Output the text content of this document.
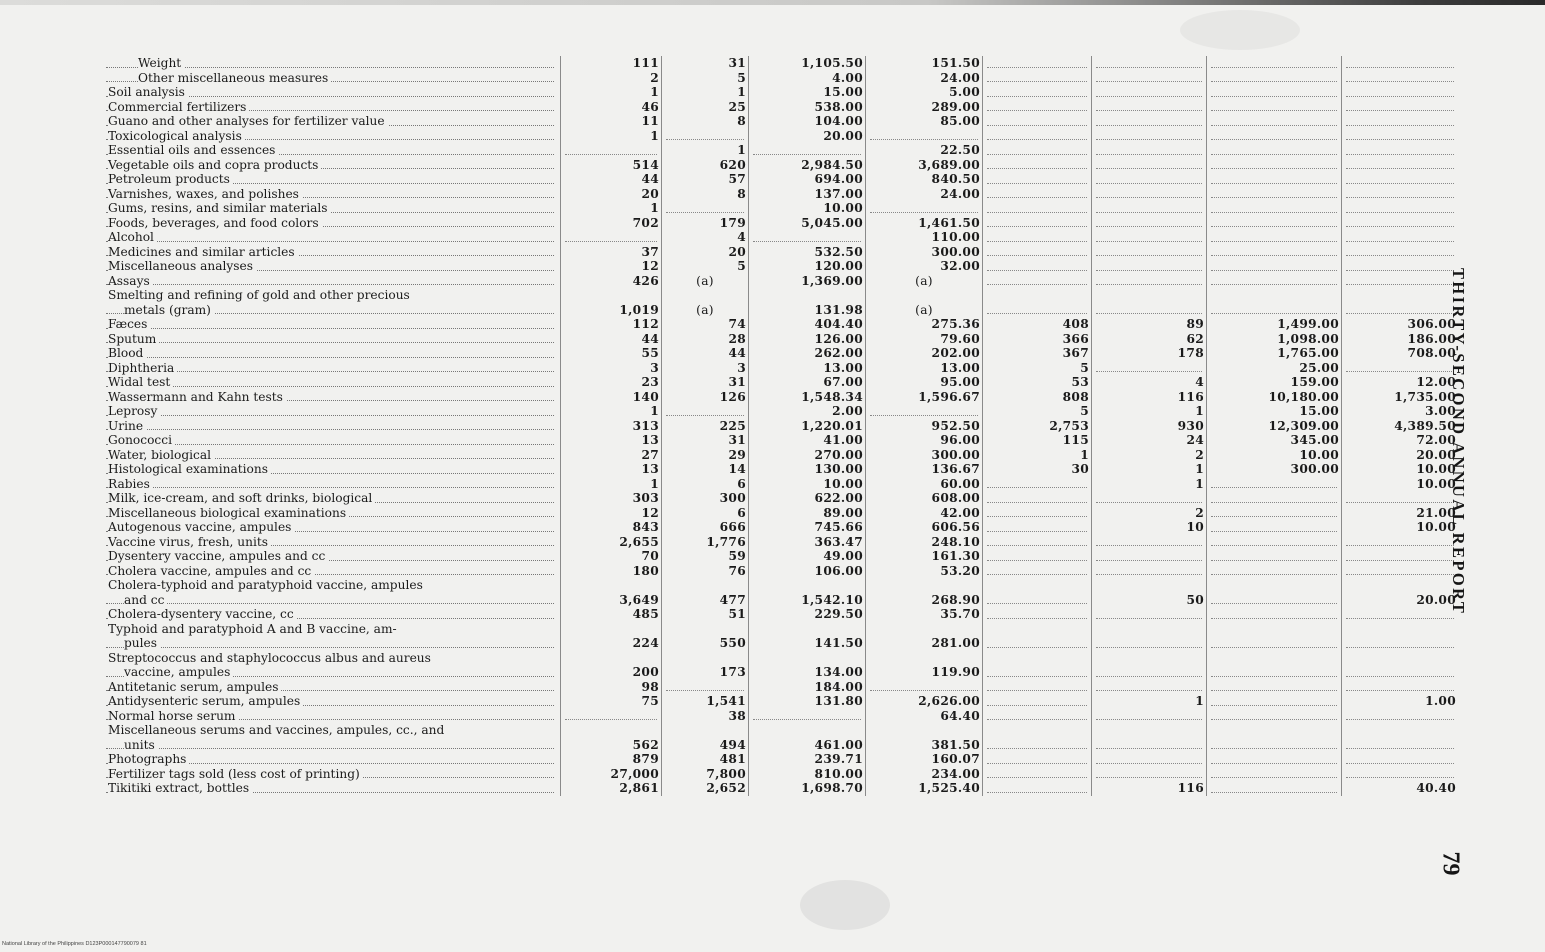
Weight	111	31	1,105.50	151.50				
Other miscellaneous measures	2	5	4.00	24.00				
Soil analysis	1	1	15.00	5.00				
Commercial fertilizers	46	25	538.00	289.00				
Guano and other analyses for fertilizer value	11	8	104.00	85.00				
Toxicological analysis	1		20.00					
Essential oils and essences		1		22.50				
Vegetable oils and copra products	514	620	2,984.50	3,689.00				
Petroleum products	44	57	694.00	840.50				
Varnishes, waxes, and polishes	20	8	137.00	24.00				
Gums, resins, and similar materials	1		10.00					
Foods, beverages, and food colors	702	179	5,045.00	1,461.50				
Alcohol		4		110.00				
Medicines and similar articles	37	20	532.50	300.00				
Miscellaneous analyses	12	5	120.00	32.00				
Assays	426	(a)	1,369.00	(a)				
Smelting and refining of gold and other precious								
metals (gram)	1,019	(a)	131.98	(a)				
Fæces	112	74	404.40	275.36	408	89	1,499.00	306.00
Sputum	44	28	126.00	79.60	366	62	1,098.00	186.00
Blood	55	44	262.00	202.00	367	178	1,765.00	708.00
Diphtheria	3	3	13.00	13.00	5		25.00	
Widal test	23	31	67.00	95.00	53	4	159.00	12.00
Wassermann and Kahn tests	140	126	1,548.34	1,596.67	808	116	10,180.00	1,735.00
Leprosy	1		2.00		5	1	15.00	3.00
Urine	313	225	1,220.01	952.50	2,753	930	12,309.00	4,389.50
Gonococci	13	31	41.00	96.00	115	24	345.00	72.00
Water, biological	27	29	270.00	300.00	1	2	10.00	20.00
Histological examinations	13	14	130.00	136.67	30	1	300.00	10.00
Rabies	1	6	10.00	60.00		1		10.00
Milk, ice-cream, and soft drinks, biological	303	300	622.00	608.00				
Miscellaneous biological examinations	12	6	89.00	42.00		2		21.00
Autogenous vaccine, ampules	843	666	745.66	606.56		10		10.00
Vaccine virus, fresh, units	2,655	1,776	363.47	248.10				
Dysentery vaccine, ampules and cc	70	59	49.00	161.30				
Cholera vaccine, ampules and cc	180	76	106.00	53.20				
Cholera-typhoid and paratyphoid vaccine, ampules								
and cc	3,649	477	1,542.10	268.90		50		20.00
Cholera-dysentery vaccine, cc	485	51	229.50	35.70				
Typhoid and paratyphoid A and B vaccine, am-								
pules	224	550	141.50	281.00				
Streptococcus and staphylococcus albus and aureus								
vaccine, ampules	200	173	134.00	119.90				
Antitetanic serum, ampules	98		184.00					
Antidysenteric serum, ampules	75	1,541	131.80	2,626.00		1		1.00
Normal horse serum		38		64.40				
Miscellaneous serums and vaccines, ampules, cc., and								
units	562	494	461.00	381.50				
Photographs	879	481	239.71	160.07				
Fertilizer tags sold (less cost of printing)	27,000	7,800	810.00	234.00				
Tikitiki extract, bottles	2,861	2,652	1,698.70	1,525.40		116		40.40
THIRTY-SECOND ANNUAL REPORT
79
National Library of the Philippines D123P000147790079 81
